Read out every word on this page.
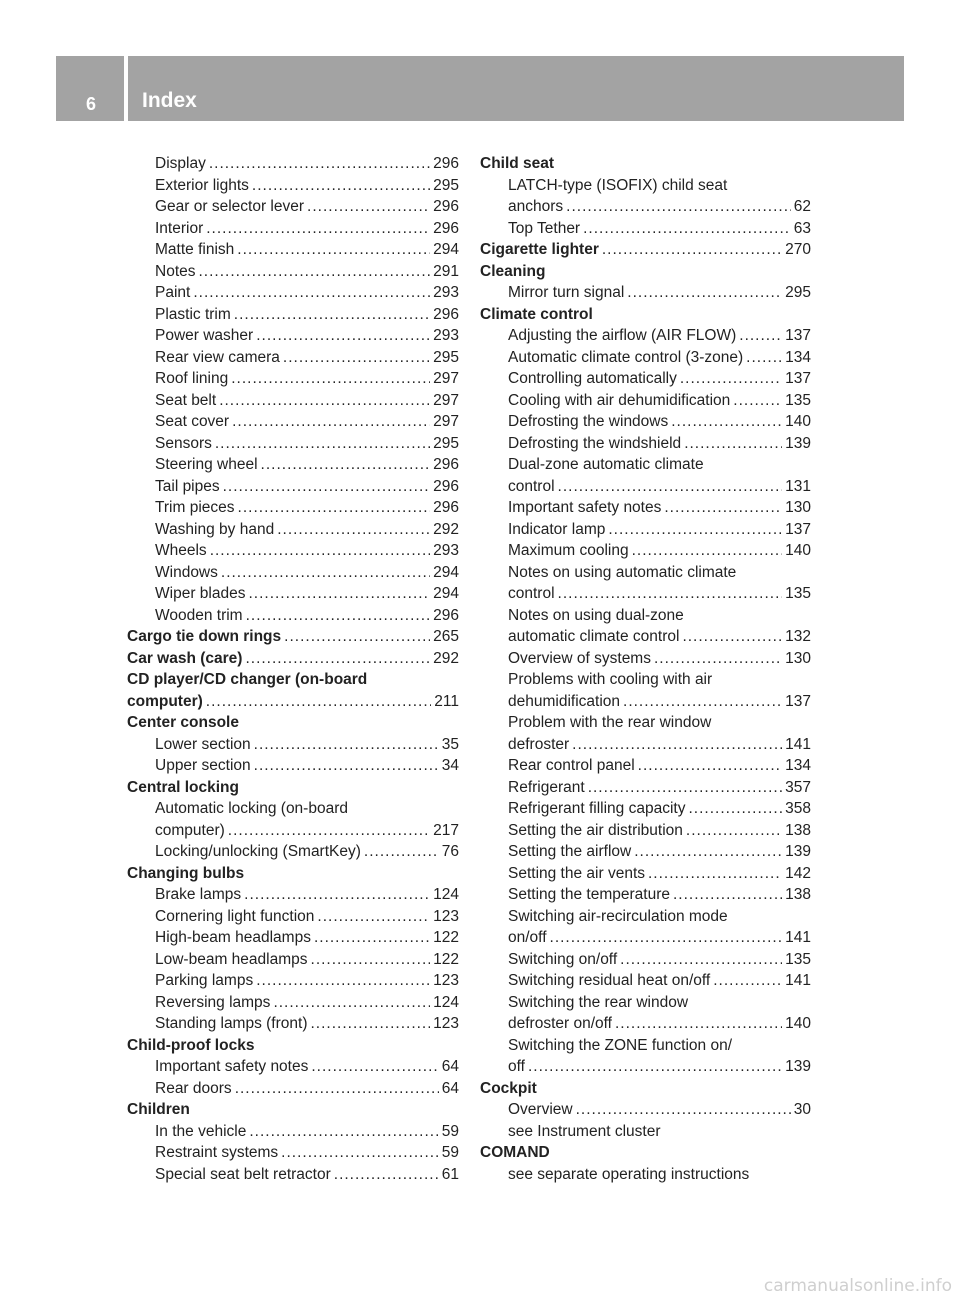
6 Index
Display .....	296
Exterior lights .....	295
Gear or selector lever .....	296
Interior .....	296
Matte finish .....	294
Notes .....	291
Paint .....	293
Plastic trim .....	296
Power washer .....	293
Rear view camera .....	295
Roof lining .....	297
Seat belt .....	297
Seat cover .....	297
Sensors .....	295
Steering wheel .....	296
Tail pipes .....	296
Trim pieces .....	296
Washing by hand .....	292
Wheels .....	293
Windows .....	294
Wiper blades .....	294
Wooden trim .....	296
Cargo tie down rings .....	265
Car wash (care) .....	292
CD player/CD changer (on-board
computer) .....	211
Center console
Lower section .....	35
Upper section .....	34
Central locking
Automatic locking (on-board
computer) .....	217
Locking/unlocking (SmartKey) .....	76
Changing bulbs
Brake lamps .....	124
Cornering light function .....	123
High-beam headlamps .....	122
Low-beam headlamps .....	122
Parking lamps .....	123
Reversing lamps .....	124
Standing lamps (front) .....	123
Child-proof locks
Important safety notes .....	64
Rear doors .....	64
Children
In the vehicle .....	59
Restraint systems .....	59
Special seat belt retractor .....	61
Child seat
LATCH-type (ISOFIX) child seat
anchors .....	62
Top Tether .....	63
Cigarette lighter .....	270
Cleaning
Mirror turn signal .....	295
Climate control
Adjusting the airflow (AIR FLOW) .....	137
Automatic climate control (3-zone) .....	134
Controlling automatically .....	137
Cooling with air dehumidification .....	135
Defrosting the windows .....	140
Defrosting the windshield .....	139
Dual-zone automatic climate
control .....	131
Important safety notes .....	130
Indicator lamp .....	137
Maximum cooling .....	140
Notes on using automatic climate
control .....	135
Notes on using dual-zone
automatic climate control .....	132
Overview of systems .....	130
Problems with cooling with air
dehumidification .....	137
Problem with the rear window
defroster .....	141
Rear control panel .....	134
Refrigerant .....	357
Refrigerant filling capacity .....	358
Setting the air distribution .....	138
Setting the airflow .....	139
Setting the air vents .....	142
Setting the temperature .....	138
Switching air-recirculation mode
on/off .....	141
Switching on/off .....	135
Switching residual heat on/off .....	141
Switching the rear window
defroster on/off .....	140
Switching the ZONE function on/
off .....	139
Cockpit
Overview .....	30
see Instrument cluster
COMAND
see separate operating instructions
carmanualsonline.info
